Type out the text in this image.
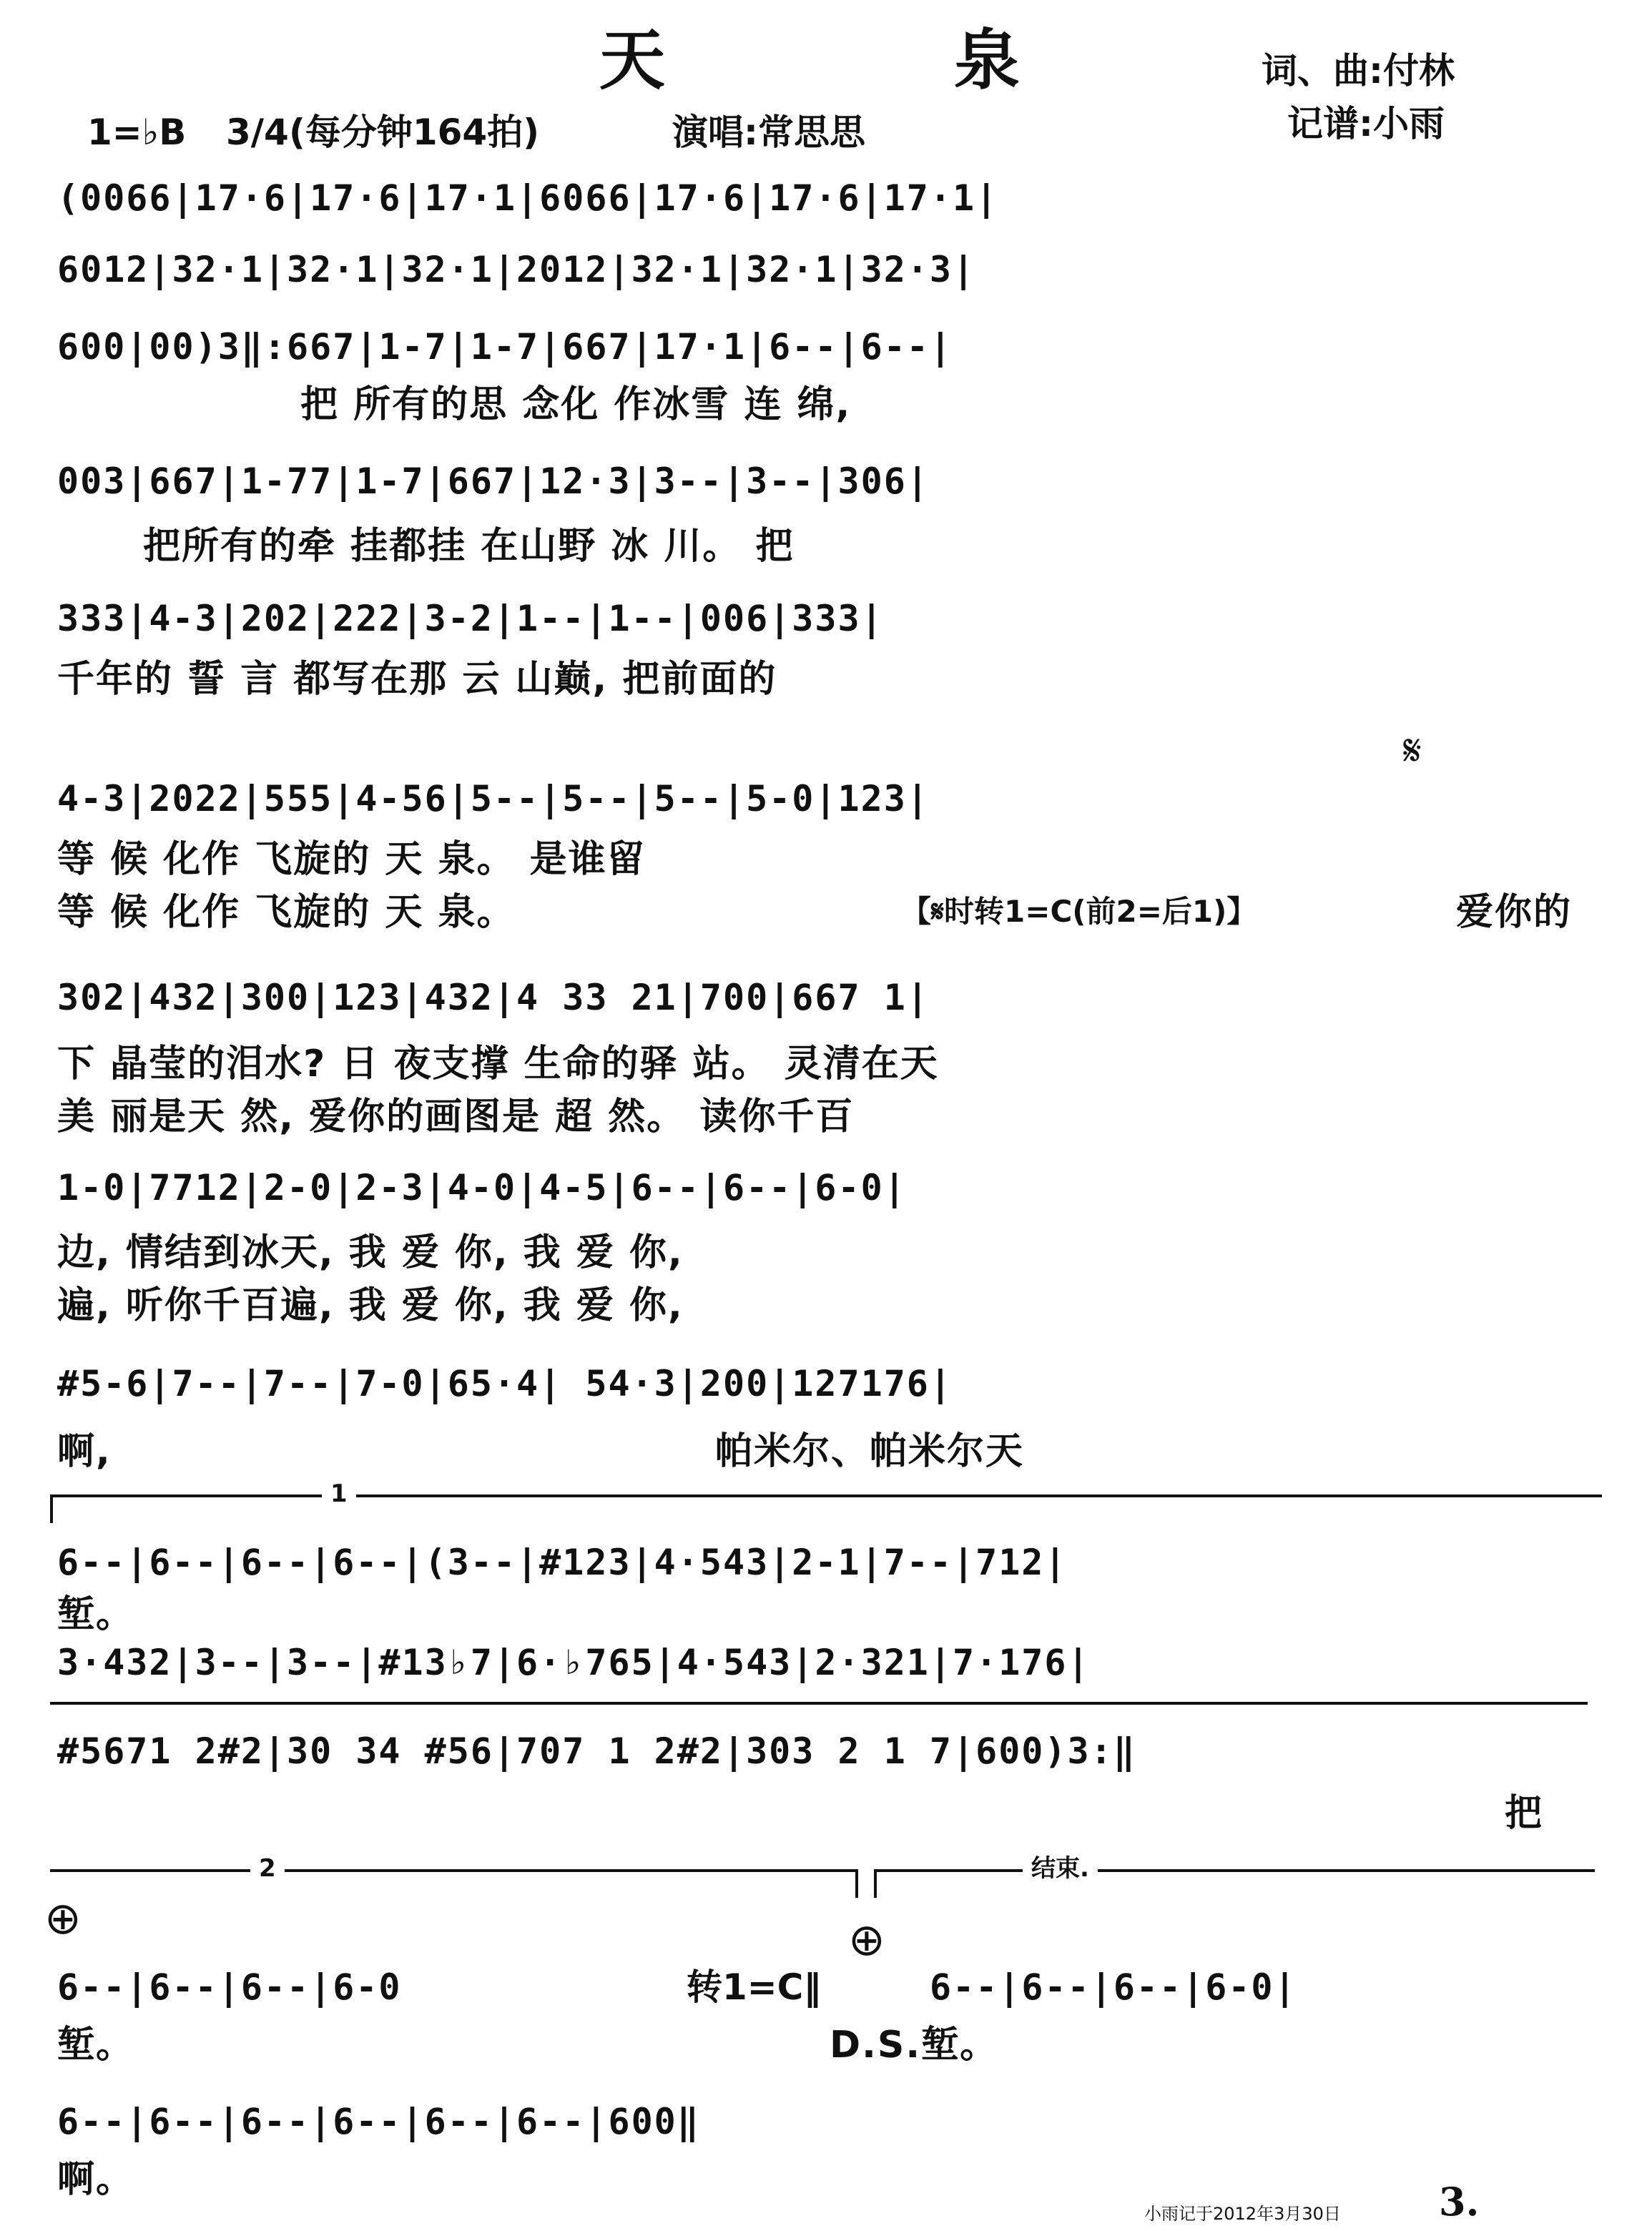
天	泉	词、曲:付林
记谱:小雨
1=♭B 3/4 (每分钟164拍)	演唱:常思思
(0066|17·6|17·6|17·1|6066|17·6|17·6|17·1|
6012|32·1|32·1|32·1|2012|32·1|32·1|32·3|
600|00)3‖:667|1-7|1-7|667|17·1|6--|6--|
把 所有的思 念化 作冰雪 连 绵,
003|667|1-77|1-7|667|12·3|3--|3--|306|
把所有的牵 挂都挂 在山野 冰 川。 把
333|4-3|202|222|3-2|1--|1--|006|333|
千年的 誓 言 都写在那 云 山巅, 把前面的
𝄋
4-3|2022|555|4-56|5--|5--|5--|5-0|123|
等 候 化作 飞旋的 天 泉。 是谁留
等 候 化作 飞旋的 天 泉。	【𝄋时转1=C(前2=后1)】	爱你的
302|432|300|123|432|4 33 21|700|667 1|
下 晶莹的泪水? 日 夜支撑 生命的驿 站。 灵清在天
美 丽是天 然, 爱你的画图是 超 然。 读你千百
1-0|7712|2-0|2-3|4-0|4-5|6--|6--|6-0|
边, 情结到冰天, 我 爱 你, 我 爱 你,
遍, 听你千百遍, 我 爱 你, 我 爱 你,
#5-6|7--|7--|7-0|65·4| 54·3|200|127176|
啊,	帕米尔、帕米尔天
1
6--|6--|6--|6--|(3--|#123|4·543|2-1|7--|712|
堑。
3·432|3--|3--|#13♭7|6·♭765|4·543|2·321|7·176|
#5671 2#2|30 34 #56|707 1 2#2|303 2 1 7|600)3:‖
把
2	结束.
⊕	⊕
6--|6--|6--|6-0	转1=C‖	6--|6--|6--|6-0|
堑。	D.S.堑。
6--|6--|6--|6--|6--|6--|600‖
啊。
小雨记于2012年3月30日	3.
